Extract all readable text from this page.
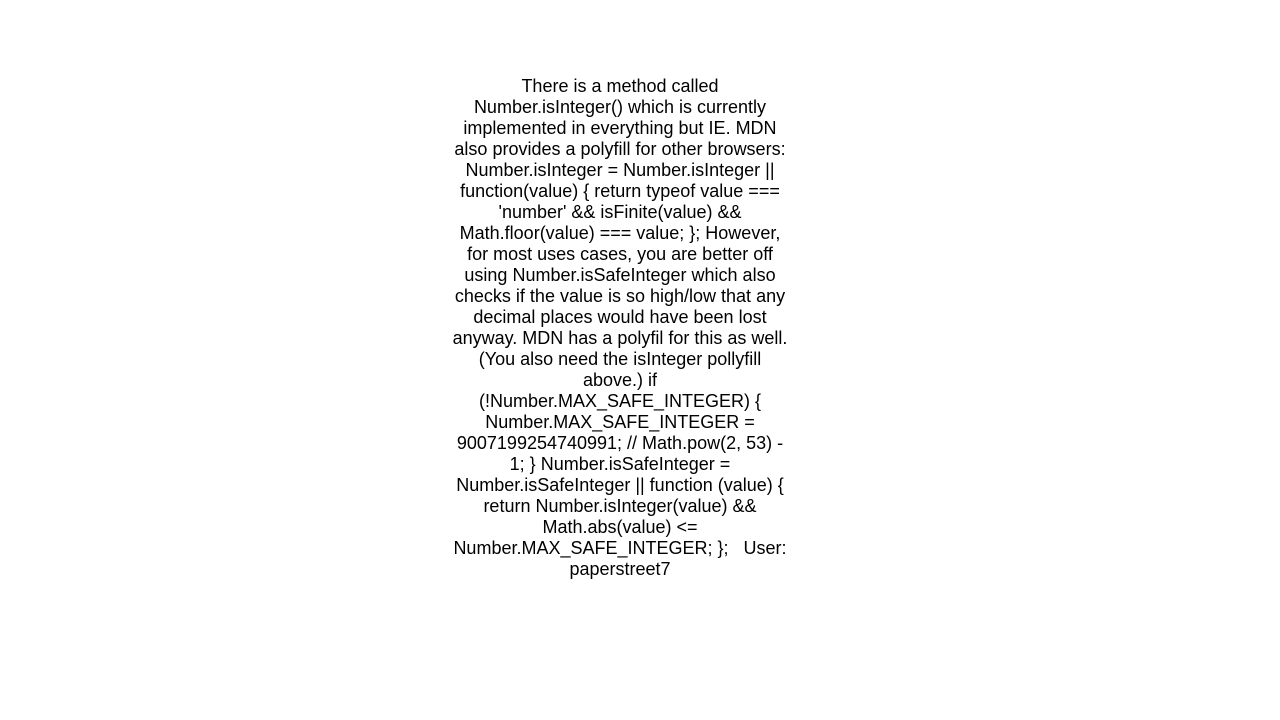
There is a method called Number.isInteger() which is currently implemented in everything but IE. MDN also provides a polyfill for other browsers: Number.isInteger = Number.isInteger || function(value) { return typeof value === 'number' && isFinite(value) && Math.floor(value) === value; }; However, for most uses cases, you are better off using Number.isSafeInteger which also checks if the value is so high/low that any decimal places would have been lost anyway. MDN has a polyfil for this as well. (You also need the isInteger pollyfill above.) if (!Number.MAX_SAFE_INTEGER) { Number.MAX_SAFE_INTEGER = 9007199254740991; // Math.pow(2, 53) - 1; } Number.isSafeInteger = Number.isSafeInteger || function (value) {    return Number.isInteger(value) && Math.abs(value) <= Number.MAX_SAFE_INTEGER; };   User: paperstreet7
